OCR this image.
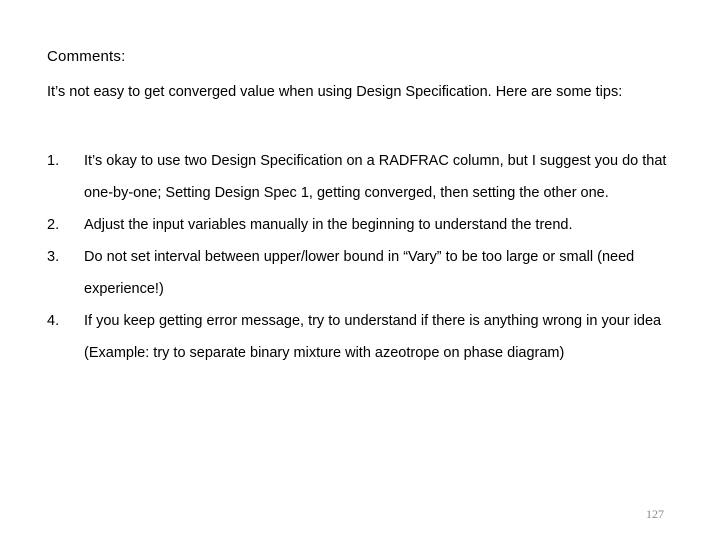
Comments:
It’s not easy to get converged value when using Design Specification. Here are some tips:
1.	It’s okay to use two Design Specification on a RADFRAC column, but I suggest you do that one-by-one; Setting Design Spec 1, getting converged, then setting the other one.
2.	Adjust the input variables manually in the beginning to understand the trend.
3.	Do not set interval between upper/lower bound in “Vary” to be too large or small (need experience!)
4.	If you keep getting error message, try to understand if there is anything wrong in your idea (Example: try to separate binary mixture with azeotrope on phase diagram)
127
